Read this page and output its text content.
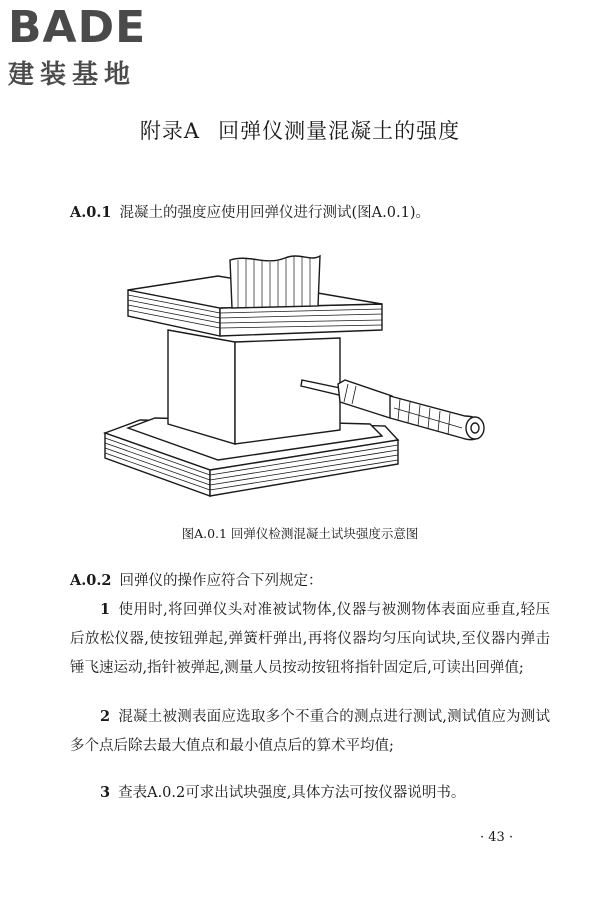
BADE
建装基地
附录A 回弹仪测量混凝土的强度
A.0.1 混凝土的强度应使用回弹仪进行测试(图A.0.1)。
图A.0.1 回弹仪检测混凝土试块强度示意图
A.0.2 回弹仪的操作应符合下列规定：
1 使用时,将回弹仪头对准被试物体,仪器与被测物体表面应垂直,轻压后放松仪器,使按钮弹起,弹簧杆弹出,再将仪器均匀压向试块,至仪器内弹击锤飞速运动,指针被弹起,测量人员按动按钮将指针固定后,可读出回弹值;
2 混凝土被测表面应选取多个不重合的测点进行测试,测试值应为测试多个点后除去最大值点和最小值点后的算术平均值;
3 查表A.0.2可求出试块强度,具体方法可按仪器说明书。
· 43 ·
